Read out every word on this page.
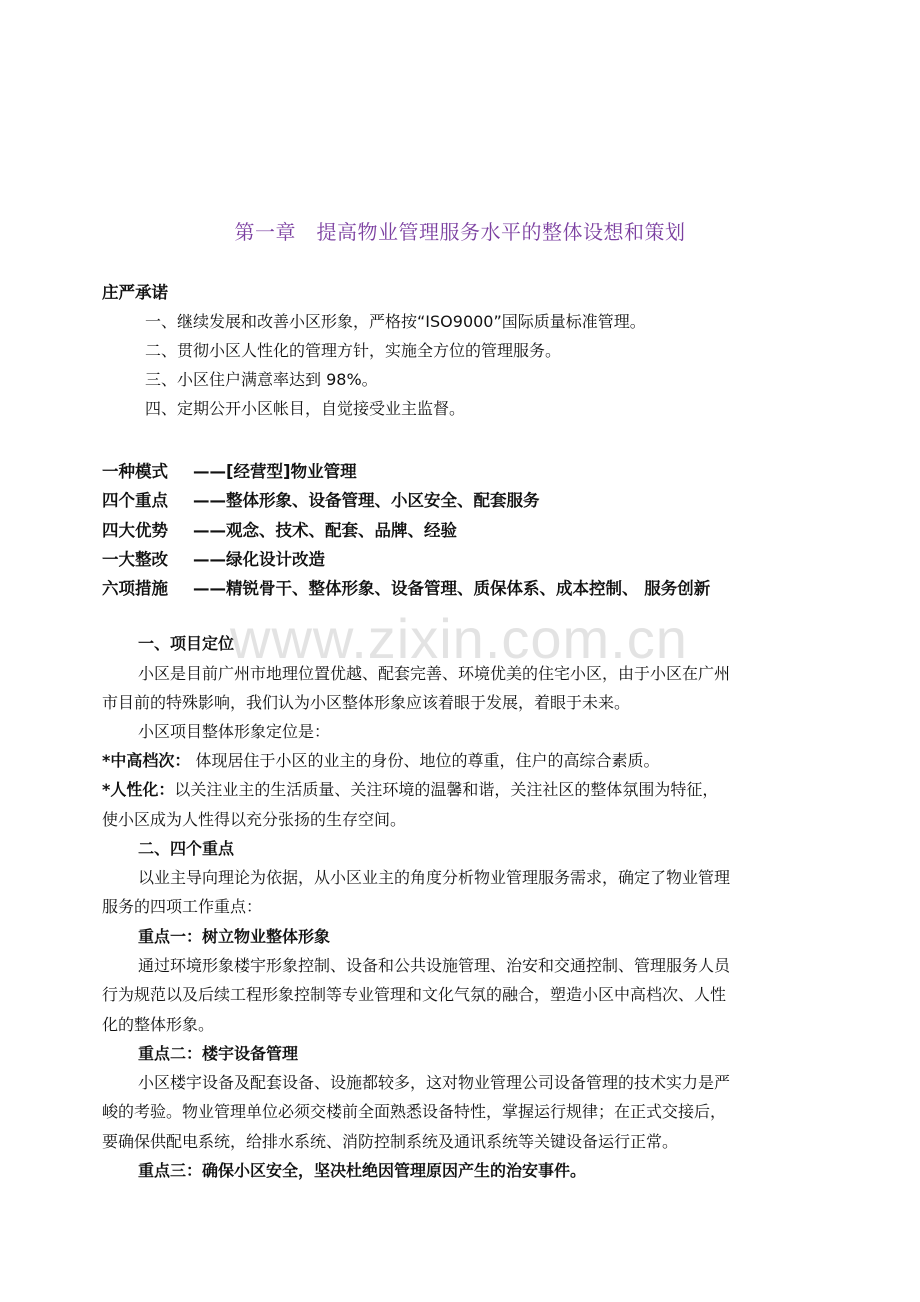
www.zixin.com.cn
第一章　提高物业管理服务水平的整体设想和策划
庄严承诺
一、继续发展和改善小区形象，严格按“ISO9000”国际质量标准管理。
二、贯彻小区人性化的管理方针，实施全方位的管理服务。
三、小区住户满意率达到 98%。
四、定期公开小区帐目，自觉接受业主监督。
一种模式 ——[经营型]物业管理
四个重点 ——整体形象、设备管理、小区安全、配套服务
四大优势 ——观念、技术、配套、品牌、经验
一大整改 ——绿化设计改造
六项措施 ——精锐骨干、整体形象、设备管理、质保体系、成本控制、 服务创新
一、项目定位
小区是目前广州市地理位置优越、配套完善、环境优美的住宅小区，由于小区在广州
市目前的特殊影响，我们认为小区整体形象应该着眼于发展，着眼于未来。
小区项目整体形象定位是：
*中高档次： 体现居住于小区的业主的身份、地位的尊重，住户的高综合素质。
*人性化：以关注业主的生活质量、关注环境的温馨和谐，关注社区的整体氛围为特征，
使小区成为人性得以充分张扬的生存空间。
二、四个重点
以业主导向理论为依据，从小区业主的角度分析物业管理服务需求，确定了物业管理
服务的四项工作重点：
重点一：树立物业整体形象
通过环境形象楼宇形象控制、设备和公共设施管理、治安和交通控制、管理服务人员
行为规范以及后续工程形象控制等专业管理和文化气氛的融合，塑造小区中高档次、人性
化的整体形象。
重点二：楼宇设备管理
小区楼宇设备及配套设备、设施都较多，这对物业管理公司设备管理的技术实力是严
峻的考验。物业管理单位必须交楼前全面熟悉设备特性，掌握运行规律；在正式交接后，
要确保供配电系统，给排水系统、消防控制系统及通讯系统等关键设备运行正常。
重点三：确保小区安全，坚决杜绝因管理原因产生的治安事件。
